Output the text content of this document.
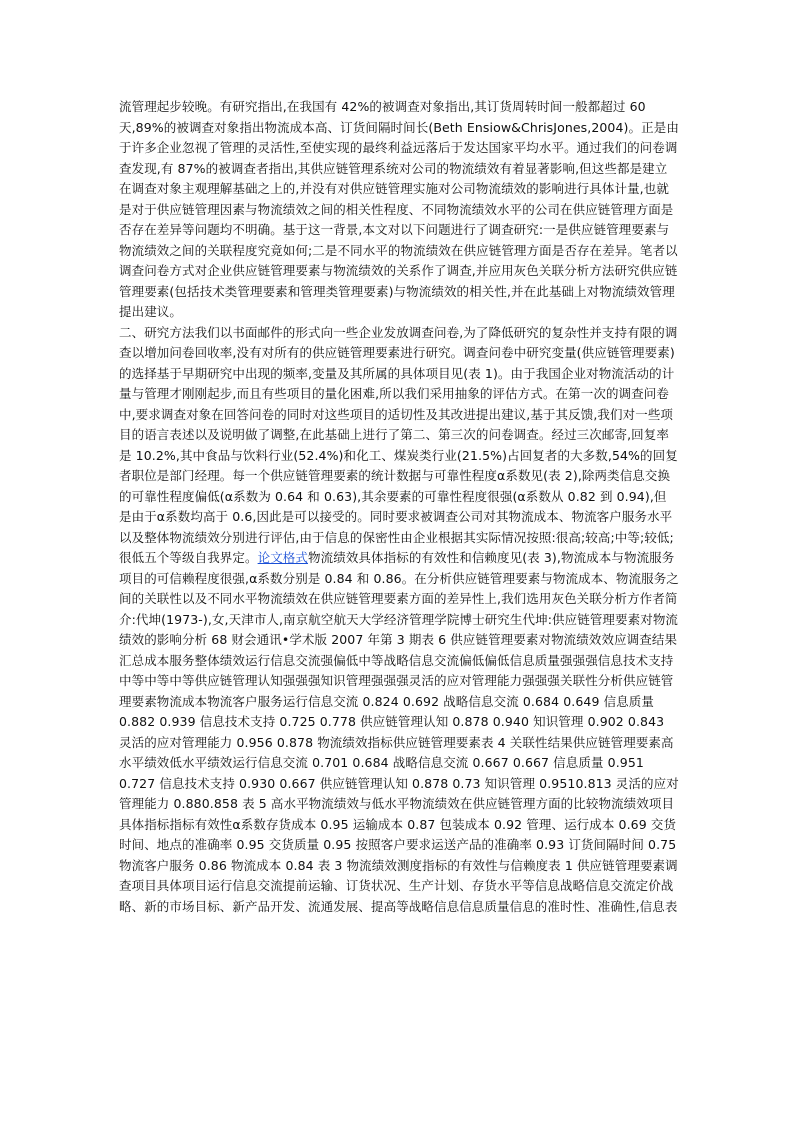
流管理起步较晚。有研究指出,在我国有 42%的被调查对象指出,其订货周转时间一般都超过 60 天,89%的被调查对象指出物流成本高、订货间隔时间长(Beth Ensiow&ChrisJones,2004)。正是由于许多企业忽视了管理的灵活性,至使实现的最终利益远落后于发达国家平均水平。通过我们的问卷调查发现,有 87%的被调查者指出,其供应链管理系统对公司的物流绩效有着显著影响,但这些都是建立在调查对象主观理解基础之上的,并没有对供应链管理实施对公司物流绩效的影响进行具体计量,也就是对于供应链管理因素与物流绩效之间的相关性程度、不同物流绩效水平的公司在供应链管理方面是否存在差异等问题均不明确。基于这一背景,本文对以下问题进行了调查研究:一是供应链管理要素与物流绩效之间的关联程度究竟如何;二是不同水平的物流绩效在供应链管理方面是否存在差异。笔者以调查问卷方式对企业供应链管理要素与物流绩效的关系作了调查,并应用灰色关联分析方法研究供应链管理要素(包括技术类管理要素和管理类管理要素)与物流绩效的相关性,并在此基础上对物流绩效管理提出建议。

二、研究方法我们以书面邮件的形式向一些企业发放调查问卷,为了降低研究的复杂性并支持有限的调查以增加问卷回收率,没有对所有的供应链管理要素进行研究。调查问卷中研究变量(供应链管理要素)的选择基于早期研究中出现的频率,变量及其所属的具体项目见(表 1)。由于我国企业对物流活动的计量与管理才刚刚起步,而且有些项目的量化困难,所以我们采用抽象的评估方式。在第一次的调查问卷中,要求调查对象在回答问卷的同时对这些项目的适切性及其改进提出建议,基于其反馈,我们对一些项目的语言表述以及说明做了调整,在此基础上进行了第二、第三次的问卷调查。经过三次邮寄,回复率是 10.2%,其中食品与饮料行业(52.4%)和化工、煤炭类行业(21.5%)占回复者的大多数,54%的回复者职位是部门经理。每一个供应链管理要素的统计数据与可靠性程度α系数见(表 2),除两类信息交换的可靠性程度偏低(α系数为 0.64 和 0.63),其余要素的可靠性程度很强(α系数从 0.82 到 0.94),但是由于α系数均高于 0.6,因此是可以接受的。同时要求被调查公司对其物流成本、物流客户服务水平以及整体物流绩效分别进行评估,由于信息的保密性由企业根据其实际情况按照:很高;较高;中等;较低;很低五个等级自我界定。论文格式物流绩效具体指标的有效性和信赖度见(表 3),物流成本与物流服务项目的可信赖程度很强,α系数分别是 0.84 和 0.86。在分析供应链管理要素与物流成本、物流服务之间的关联性以及不同水平物流绩效在供应链管理要素方面的差异性上,我们选用灰色关联分析方作者简介:代坤(1973-),女,天津市人,南京航空航天大学经济管理学院博士研究生代坤:供应链管理要素对物流绩效的影响分析 68 财会通讯•学术版 2007 年第 3 期表 6 供应链管理要素对物流绩效效应调查结果汇总成本服务整体绩效运行信息交流强偏低中等战略信息交流偏低偏低信息质量强强强信息技术支持中等中等中等供应链管理认知强强强知识管理强强强灵活的应对管理能力强强强关联性分析供应链管理要素物流成本物流客户服务运行信息交流 0.824 0.692 战略信息交流 0.684 0.649 信息质量 0.882 0.939 信息技术支持 0.725 0.778 供应链管理认知 0.878 0.940 知识管理 0.902 0.843 灵活的应对管理能力 0.956 0.878 物流绩效指标供应链管理要素表 4 关联性结果供应链管理要素高水平绩效低水平绩效运行信息交流 0.701 0.684 战略信息交流 0.667 0.667 信息质量 0.951 0.727 信息技术支持 0.930 0.667 供应链管理认知 0.878 0.73 知识管理 0.9510.813 灵活的应对管理能力 0.880.858 表 5 高水平物流绩效与低水平物流绩效在供应链管理方面的比较物流绩效项目具体指标指标有效性α系数存货成本 0.95 运输成本 0.87 包装成本 0.92 管理、运行成本 0.69 交货时间、地点的准确率 0.95 交货质量 0.95 按照客户要求运送产品的准确率 0.93 订货间隔时间 0.75 物流客户服务 0.86 物流成本 0.84 表 3 物流绩效测度指标的有效性与信赖度表 1 供应链管理要素调查项目具体项目运行信息交流提前运输、订货状况、生产计划、存货水平等信息战略信息交流定价战略、新的市场目标、新产品开发、流通发展、提高等战略信息信息质量信息的准时性、准确性,信息表
